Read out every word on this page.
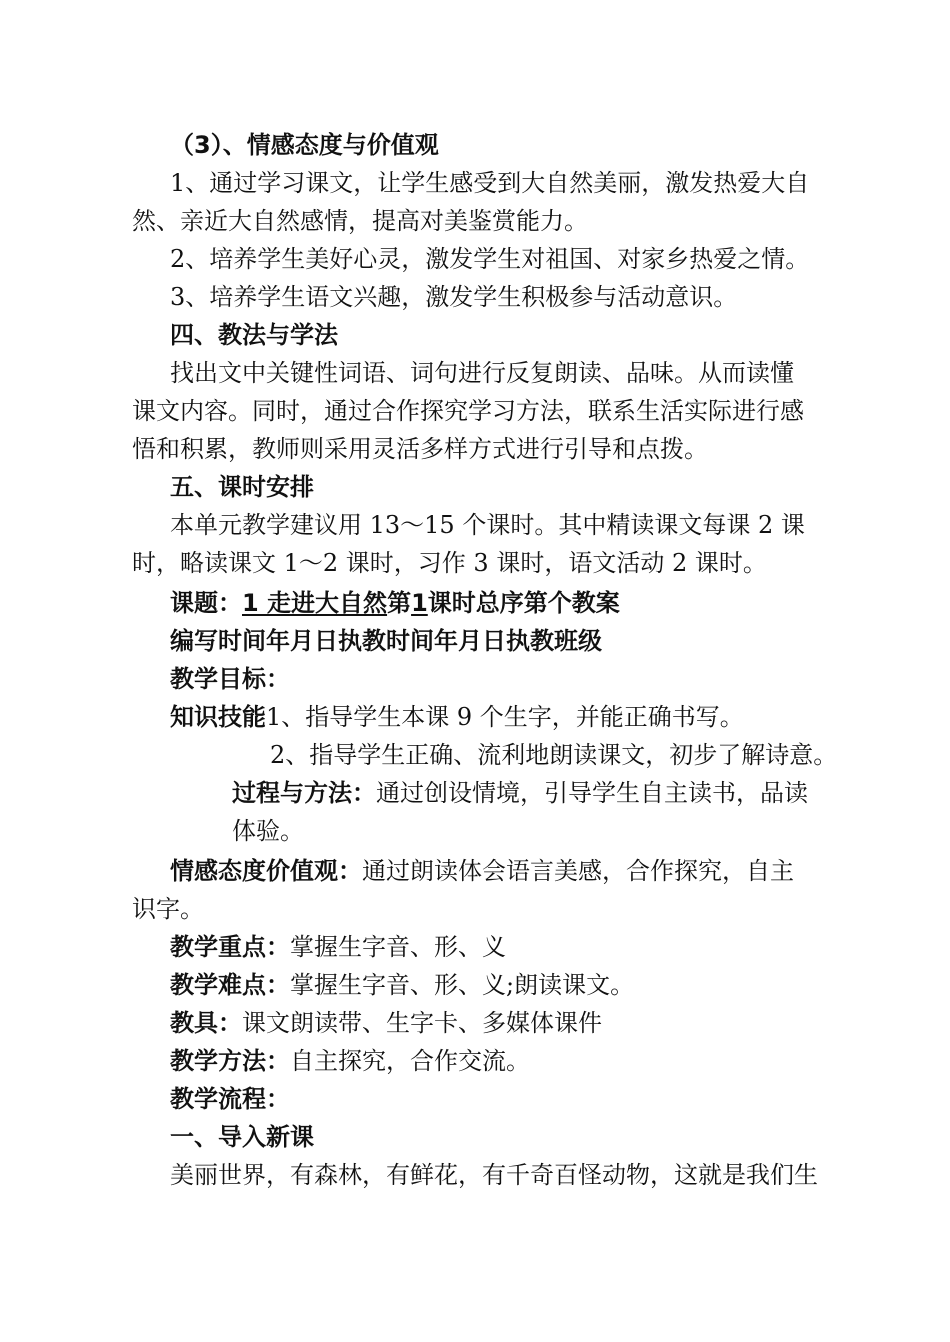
（3）、情感态度与价值观
1、通过学习课文，让学生感受到大自然美丽，激发热爱大自
然、亲近大自然感情，提高对美鉴赏能力。
2、培养学生美好心灵，激发学生对祖国、对家乡热爱之情。
3、培养学生语文兴趣，激发学生积极参与活动意识。
四、教法与学法
找出文中关键性词语、词句进行反复朗读、品味。从而读懂
课文内容。同时，通过合作探究学习方法，联系生活实际进行感
悟和积累，教师则采用灵活多样方式进行引导和点拨。
五、课时安排
本单元教学建议用 13～15 个课时。其中精读课文每课 2 课
时，略读课文 1～2 课时，习作 3 课时，语文活动 2 课时。
课题：1 走进大自然第1课时总序第个教案
编写时间年月日执教时间年月日执教班级
教学目标：
知识技能1、指导学生本课 9 个生字，并能正确书写。
2、指导学生正确、流利地朗读课文，初步了解诗意。
过程与方法：通过创设情境，引导学生自主读书，品读
体验。
情感态度价值观：通过朗读体会语言美感，合作探究，自主
识字。
教学重点：掌握生字音、形、义
教学难点：掌握生字音、形、义;朗读课文。
教具：课文朗读带、生字卡、多媒体课件
教学方法：自主探究，合作交流。
教学流程：
一、导入新课
美丽世界，有森林，有鲜花，有千奇百怪动物，这就是我们生
